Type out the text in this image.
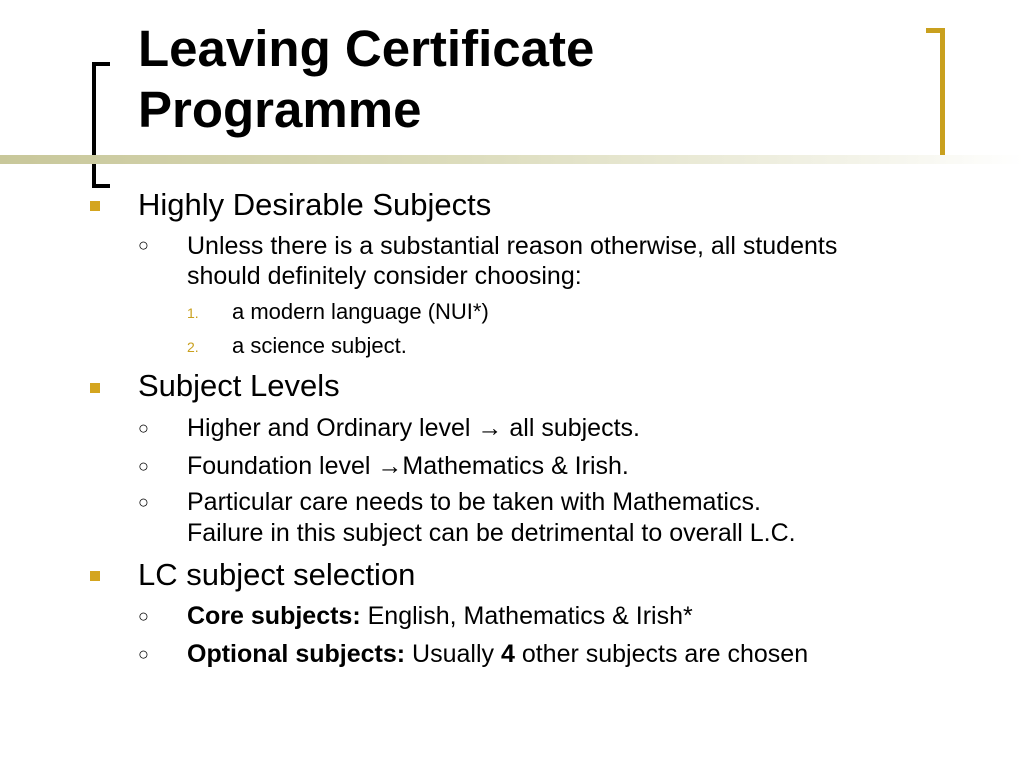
Leaving Certificate
Programme
Highly Desirable Subjects
○ Unless there is a substantial reason otherwise, all students
should definitely consider choosing:
1. a modern language (NUI*)
2. a science subject.
Subject Levels
○ Higher and Ordinary level → all subjects.
○ Foundation level →Mathematics & Irish.
○ Particular care needs to be taken with Mathematics.
Failure in this subject can be detrimental to overall L.C.
LC subject selection
○ Core subjects: English, Mathematics & Irish*
○ Optional subjects: Usually 4 other subjects are chosen
